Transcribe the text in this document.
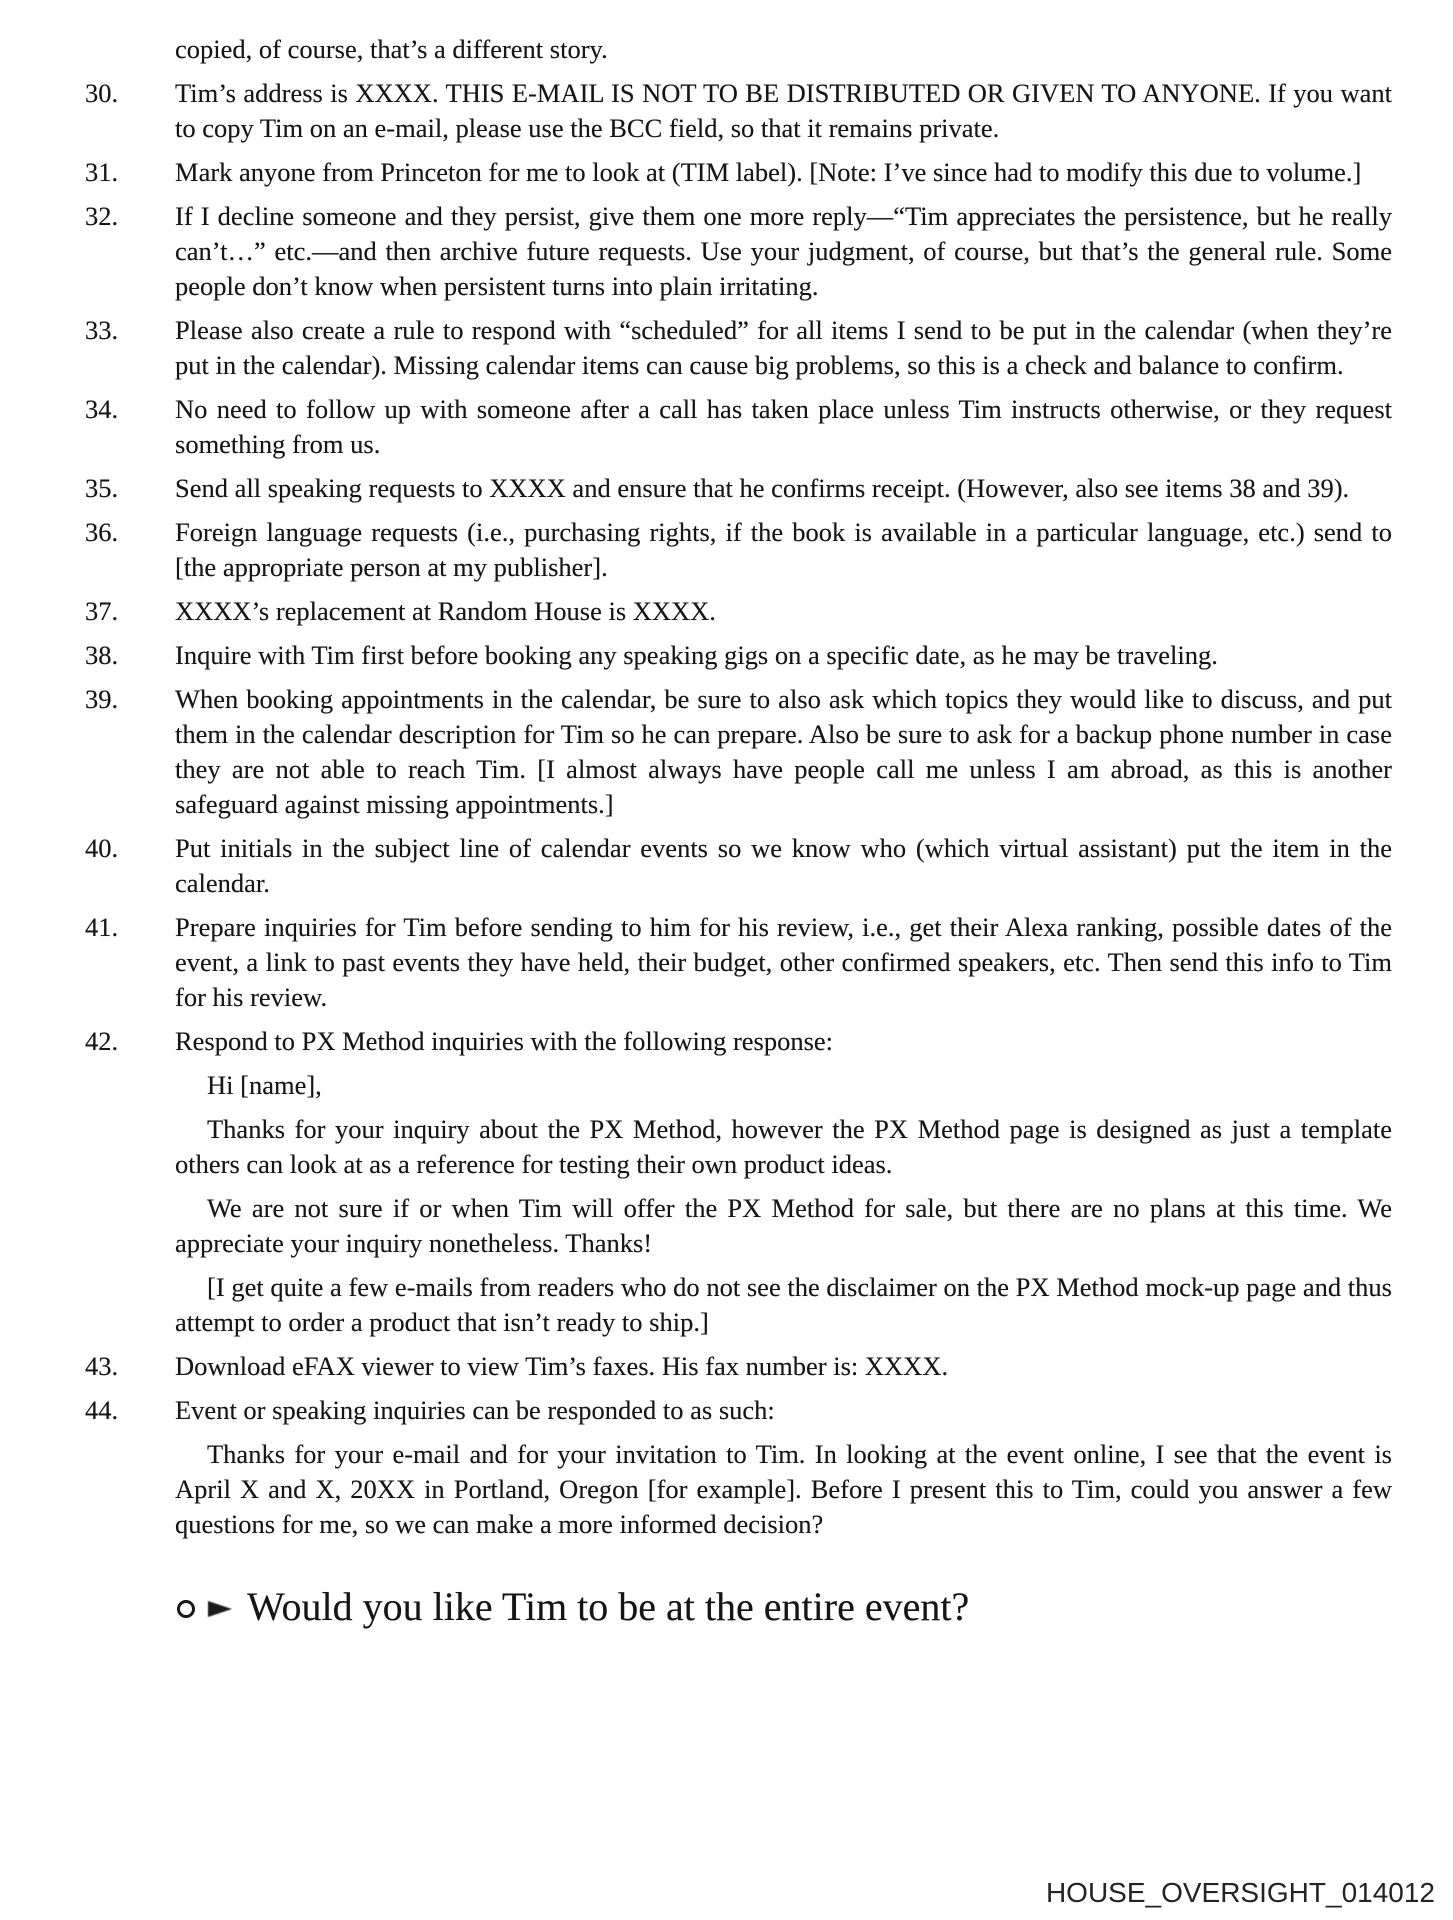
copied, of course, that’s a different story.

30.	Tim’s address is XXXX. THIS E-MAIL IS NOT TO BE DISTRIBUTED OR GIVEN TO ANYONE. If you want to copy Tim on an e-mail, please use the BCC field, so that it remains private.

31.	Mark anyone from Princeton for me to look at (TIM label). [Note: I’ve since had to modify this due to volume.]

32.	If I decline someone and they persist, give them one more reply—“Tim appreciates the persistence, but he really can’t…” etc.—and then archive future requests. Use your judgment, of course, but that’s the general rule. Some people don’t know when persistent turns into plain irritating.

33.	Please also create a rule to respond with “scheduled” for all items I send to be put in the calendar (when they’re put in the calendar). Missing calendar items can cause big problems, so this is a check and balance to confirm.

34.	No need to follow up with someone after a call has taken place unless Tim instructs otherwise, or they request something from us.

35.	Send all speaking requests to XXXX and ensure that he confirms receipt. (However, also see items 38 and 39).

36.	Foreign language requests (i.e., purchasing rights, if the book is available in a particular language, etc.) send to [the appropriate person at my publisher].

37.	XXXX’s replacement at Random House is XXXX.

38.	Inquire with Tim first before booking any speaking gigs on a specific date, as he may be traveling.

39.	When booking appointments in the calendar, be sure to also ask which topics they would like to discuss, and put them in the calendar description for Tim so he can prepare. Also be sure to ask for a backup phone number in case they are not able to reach Tim. [I almost always have people call me unless I am abroad, as this is another safeguard against missing appointments.]

40.	Put initials in the subject line of calendar events so we know who (which virtual assistant) put the item in the calendar.

41.	Prepare inquiries for Tim before sending to him for his review, i.e., get their Alexa ranking, possible dates of the event, a link to past events they have held, their budget, other confirmed speakers, etc. Then send this info to Tim for his review.

42.	Respond to PX Method inquiries with the following response:

Hi [name],

Thanks for your inquiry about the PX Method, however the PX Method page is designed as just a template others can look at as a reference for testing their own product ideas.

We are not sure if or when Tim will offer the PX Method for sale, but there are no plans at this time. We appreciate your inquiry nonetheless. Thanks!

[I get quite a few e-mails from readers who do not see the disclaimer on the PX Method mock-up page and thus attempt to order a product that isn’t ready to ship.]

43.	Download eFAX viewer to view Tim’s faxes. His fax number is: XXXX.

44.	Event or speaking inquiries can be responded to as such:

Thanks for your e-mail and for your invitation to Tim. In looking at the event online, I see that the event is April X and X, 20XX in Portland, Oregon [for example]. Before I present this to Tim, could you answer a few questions for me, so we can make a more informed decision?

Would you like Tim to be at the entire event?
HOUSE_OVERSIGHT_014012
